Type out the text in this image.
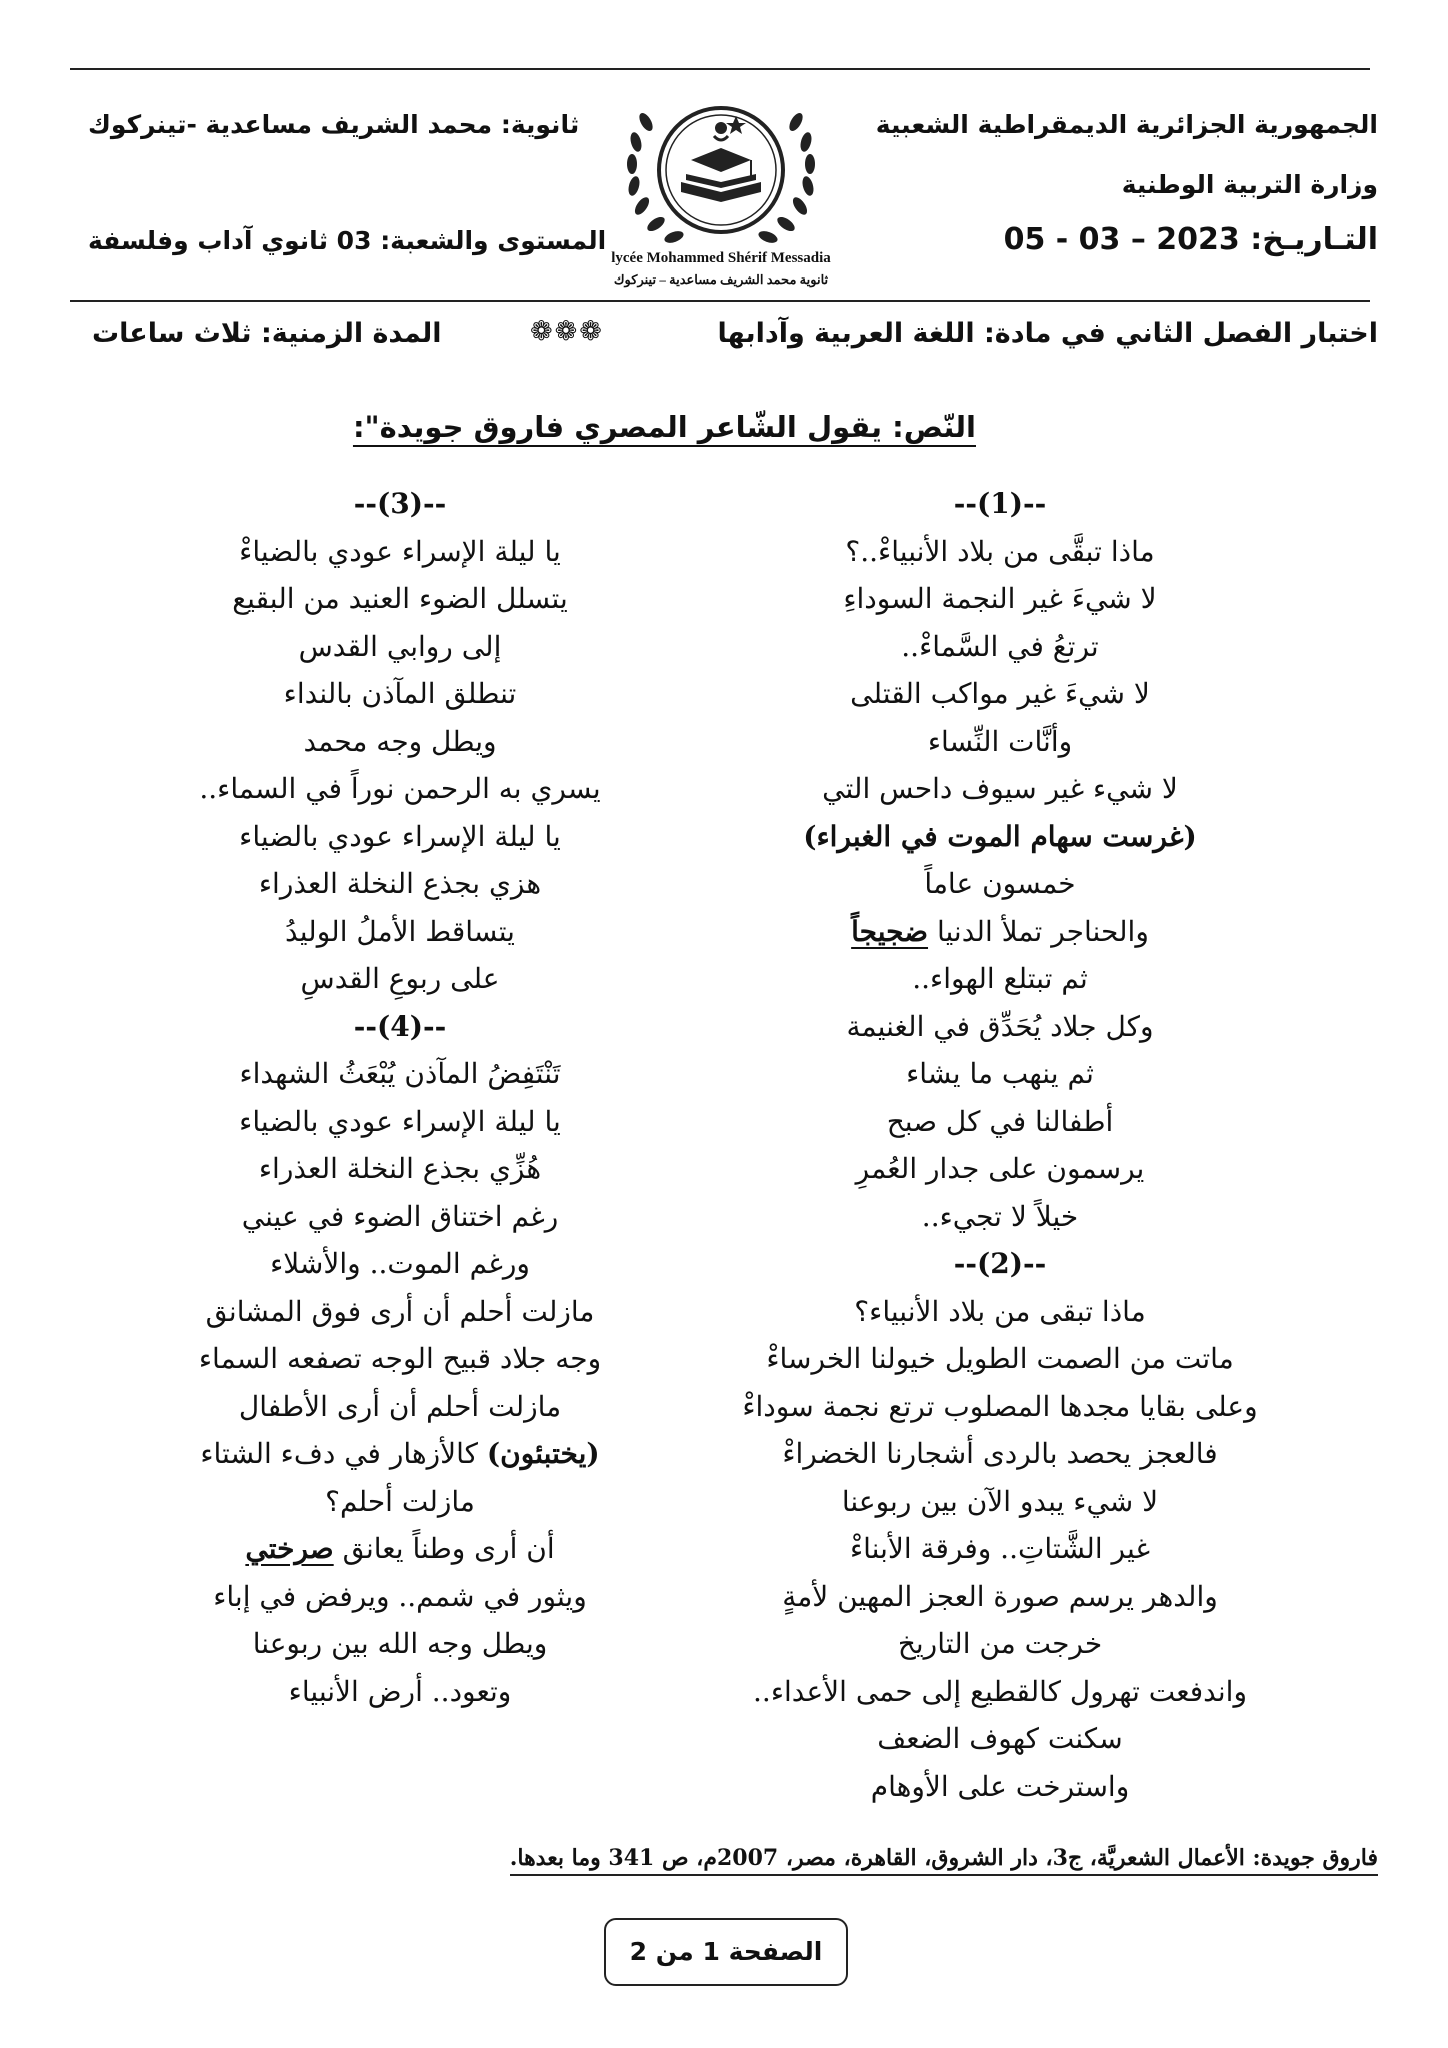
الجمهورية الجزائرية الديمقراطية الشعبية
وزارة التربية الوطنية
التـاريـخ: 05 - 03 – 2023
ثانوية: محمد الشريف مساعدية -تينركوك
المستوى والشعبة: 03 ثانوي آداب وفلسفة
lycée Mohammed Shérif Messadia
ثانوية محمد الشريف مساعدية – تينركوك
اختبار الفصل الثاني في مادة: اللغة العربية وآدابها
❁❁❁
المدة الزمنية: ثلاث ساعات
النّص: يقول الشّاعر المصري فاروق جويدة":
--(1)--
ماذا تبقَّى من بلاد الأنبياءْ..؟
لا شيءَ غير النجمة السوداءِ
ترتعُ في السَّماءْ..
لا شيءَ غير مواكب القتلى
وأنَّات النِّساء
لا شيء غير سيوف داحس التي
(غرست سهام الموت في الغبراء)
خمسون عاماً
والحناجر تملأ الدنيا ضجيجاً
ثم تبتلع الهواء..
وكل جلاد يُحَدِّق في الغنيمة
ثم ينهب ما يشاء
أطفالنا في كل صبح
يرسمون على جدار العُمرِ
خيلاً لا تجيء..
--(2)--
ماذا تبقى من بلاد الأنبياء؟
ماتت من الصمت الطويل خيولنا الخرساءْ
وعلى بقايا مجدها المصلوب ترتع نجمة سوداءْ
فالعجز يحصد بالردى أشجارنا الخضراءْ
لا شيء يبدو الآن بين ربوعنا
غير الشَّتاتِ.. وفرقة الأبناءْ
والدهر يرسم صورة العجز المهين لأمةٍ
خرجت من التاريخ
واندفعت تهرول كالقطيع إلى حمى الأعداء..
سكنت كهوف الضعف
واسترخت على الأوهام
--(3)--
يا ليلة الإسراء عودي بالضياءْ
يتسلل الضوء العنيد من البقيع
إلى روابي القدس
تنطلق المآذن بالنداء
ويطل وجه محمد
يسري به الرحمن نوراً في السماء..
يا ليلة الإسراء عودي بالضياء
هزي بجذع النخلة العذراء
يتساقط الأملُ الوليدُ
على ربوعِ القدسِ
--(4)--
تَنْتَفِضُ المآذن يُبْعَثُ الشهداء
يا ليلة الإسراء عودي بالضياء
هُزِّي بجذع النخلة العذراء
رغم اختناق الضوء في عيني
ورغم الموت.. والأشلاء
مازلت أحلم أن أرى فوق المشانق
وجه جلاد قبيح الوجه تصفعه السماء
مازلت أحلم أن أرى الأطفال
(يختبئون) كالأزهار في دفء الشتاء
مازلت أحلم؟
أن أرى وطناً يعانق صرختي
ويثور في شمم.. ويرفض في إباء
ويطل وجه الله بين ربوعنا
وتعود.. أرض الأنبياء
فاروق جويدة: الأعمال الشعريَّة، ج3، دار الشروق، القاهرة، مصر، 2007م، ص 341 وما بعدها.
الصفحة 1 من 2
